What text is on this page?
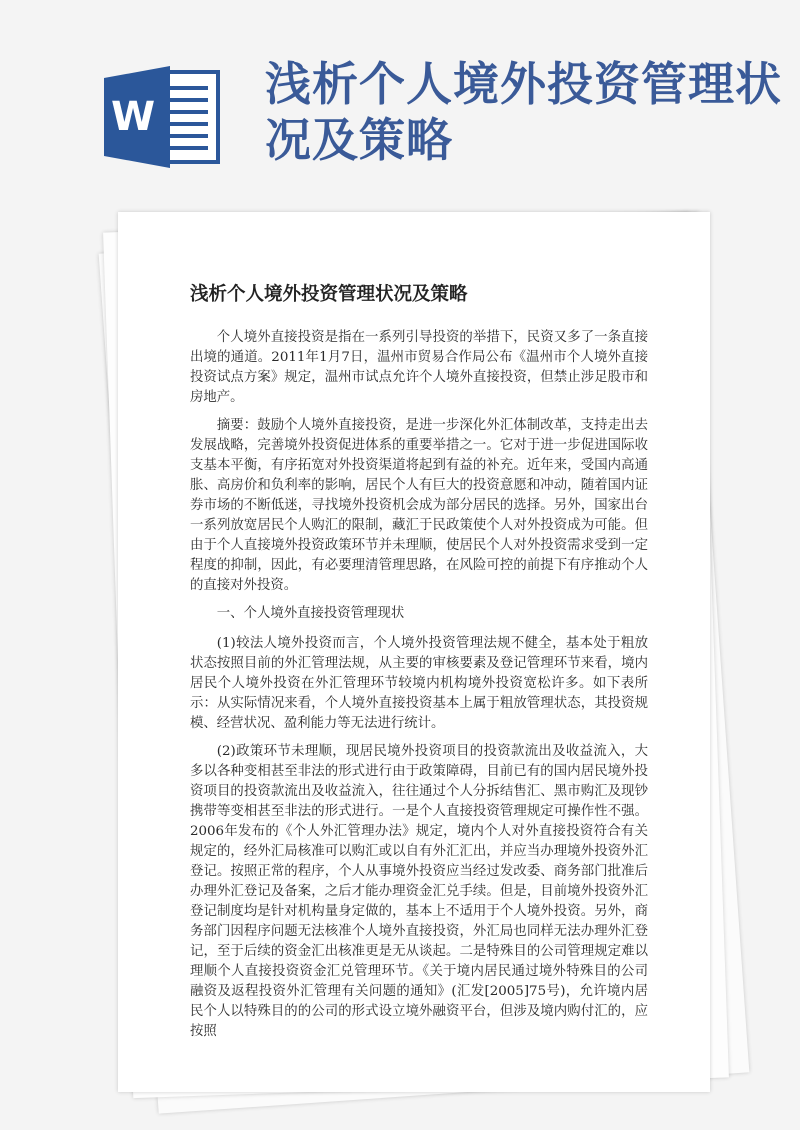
W
浅析个人境外投资管理状况及策略
浅析个人境外投资管理状况及策略

个人境外直接投资是指在一系列引导投资的举措下，民资又多了一条直接出境的通道。2011年1月7日，温州市贸易合作局公布《温州市个人境外直接投资试点方案》规定，温州市试点允许个人境外直接投资，但禁止涉足股市和房地产。

摘要：鼓励个人境外直接投资，是进一步深化外汇体制改革，支持走出去发展战略，完善境外投资促进体系的重要举措之一。它对于进一步促进国际收支基本平衡，有序拓宽对外投资渠道将起到有益的补充。近年来，受国内高通胀、高房价和负利率的影响，居民个人有巨大的投资意愿和冲动，随着国内证券市场的不断低迷，寻找境外投资机会成为部分居民的选择。另外，国家出台一系列放宽居民个人购汇的限制，藏汇于民政策使个人对外投资成为可能。但由于个人直接境外投资政策环节并未理顺，使居民个人对外投资需求受到一定程度的抑制，因此，有必要理清管理思路，在风险可控的前提下有序推动个人的直接对外投资。

一、个人境外直接投资管理现状

(1)较法人境外投资而言，个人境外投资管理法规不健全，基本处于粗放状态按照目前的外汇管理法规，从主要的审核要素及登记管理环节来看，境内居民个人境外投资在外汇管理环节较境内机构境外投资宽松许多。如下表所示：从实际情况来看，个人境外直接投资基本上属于粗放管理状态，其投资规模、经营状况、盈利能力等无法进行统计。

(2)政策环节未理顺，现居民境外投资项目的投资款流出及收益流入，大多以各种变相甚至非法的形式进行由于政策障碍，目前已有的国内居民境外投资项目的投资款流出及收益流入，往往通过个人分拆结售汇、黑市购汇及现钞携带等变相甚至非法的形式进行。一是个人直接投资管理规定可操作性不强。2006年发布的《个人外汇管理办法》规定，境内个人对外直接投资符合有关规定的，经外汇局核准可以购汇或以自有外汇汇出，并应当办理境外投资外汇登记。按照正常的程序，个人从事境外投资应当经过发改委、商务部门批准后办理外汇登记及备案，之后才能办理资金汇兑手续。但是，目前境外投资外汇登记制度均是针对机构量身定做的，基本上不适用于个人境外投资。另外，商务部门因程序问题无法核准个人境外直接投资，外汇局也同样无法办理外汇登记，至于后续的资金汇出核准更是无从谈起。二是特殊目的公司管理规定难以理顺个人直接投资资金汇兑管理环节。《关于境内居民通过境外特殊目的公司融资及返程投资外汇管理有关问题的通知》(汇发[2005]75号)，允许境内居民个人以特殊目的的公司的形式设立境外融资平台，但涉及境内购付汇的，应按照
